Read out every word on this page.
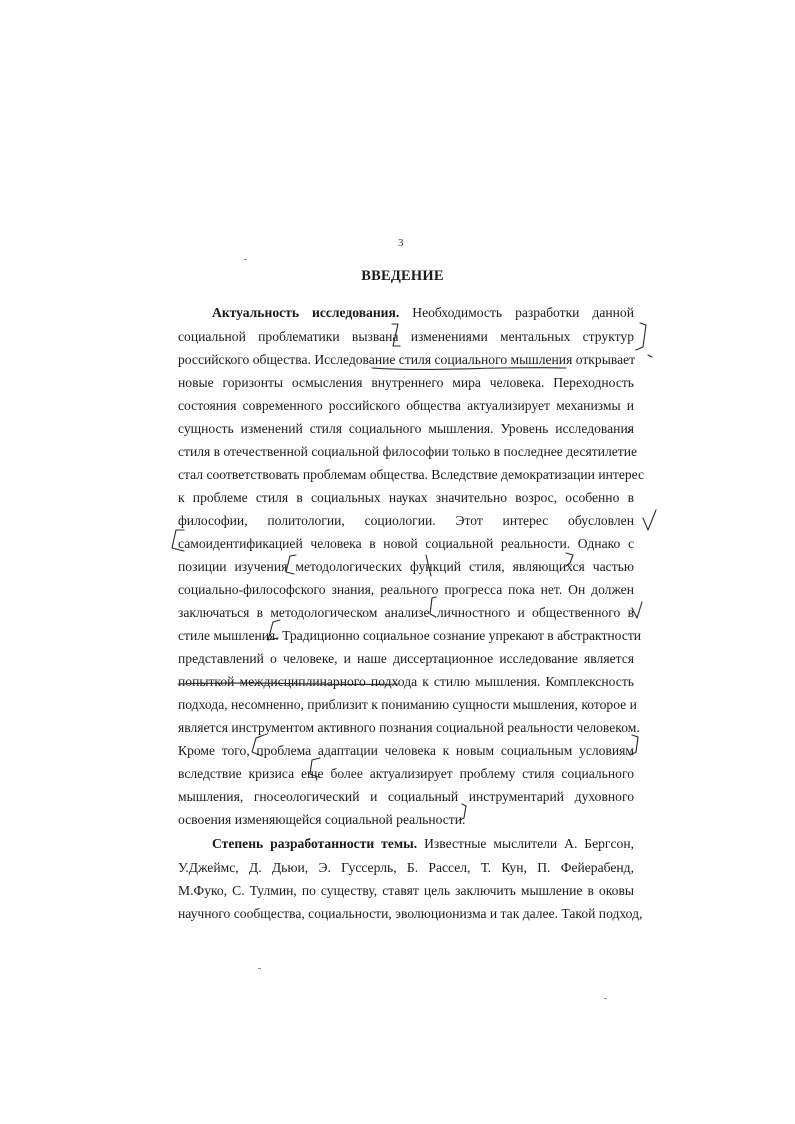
3
ВВЕДЕНИЕ
Актуальность исследования. Необходимость разработки данной
социальной проблематики вызвана изменениями ментальных структур
российского общества. Исследование стиля социального мышления открывает
новые горизонты осмысления внутреннего мира человека. Переходность
состояния современного российского общества актуализирует механизмы и
сущность изменений стиля социального мышления. Уровень исследования
стиля в отечественной социальной философии только в последнее десятилетие
стал соответствовать проблемам общества. Вследствие демократизации интерес
к проблеме стиля в социальных науках значительно возрос, особенно в
философии, политологии, социологии. Этот интерес обусловлен
самоидентификацией человека в новой социальной реальности. Однако с
позиции изучения методологических функций стиля, являющихся частью
социально-философского знания, реального прогресса пока нет. Он должен
заключаться в методологическом анализе личностного и общественного в
стиле мышления. Традиционно социальное сознание упрекают в абстрактности
представлений о человеке, и наше диссертационное исследование является
попыткой междисциплинарного подхода к стилю мышления. Комплексность
подхода, несомненно, приблизит к пониманию сущности мышления, которое и
является инструментом активного познания социальной реальности человеком.
Кроме того, проблема адаптации человека к новым социальным условиям
вследствие кризиса еще более актуализирует проблему стиля социального
мышления, гносеологический и социальный инструментарий духовного
освоения изменяющейся социальной реальности.
Степень разработанности темы. Известные мыслители А. Бергсон,
У.Джеймс, Д. Дьюи, Э. Гуссерль, Б. Рассел, Т. Кун, П. Фейерабенд,
М.Фуко, С. Тулмин, по существу, ставят цель заключить мышление в оковы
научного сообщества, социальности, эволюционизма и так далее. Такой подход,
